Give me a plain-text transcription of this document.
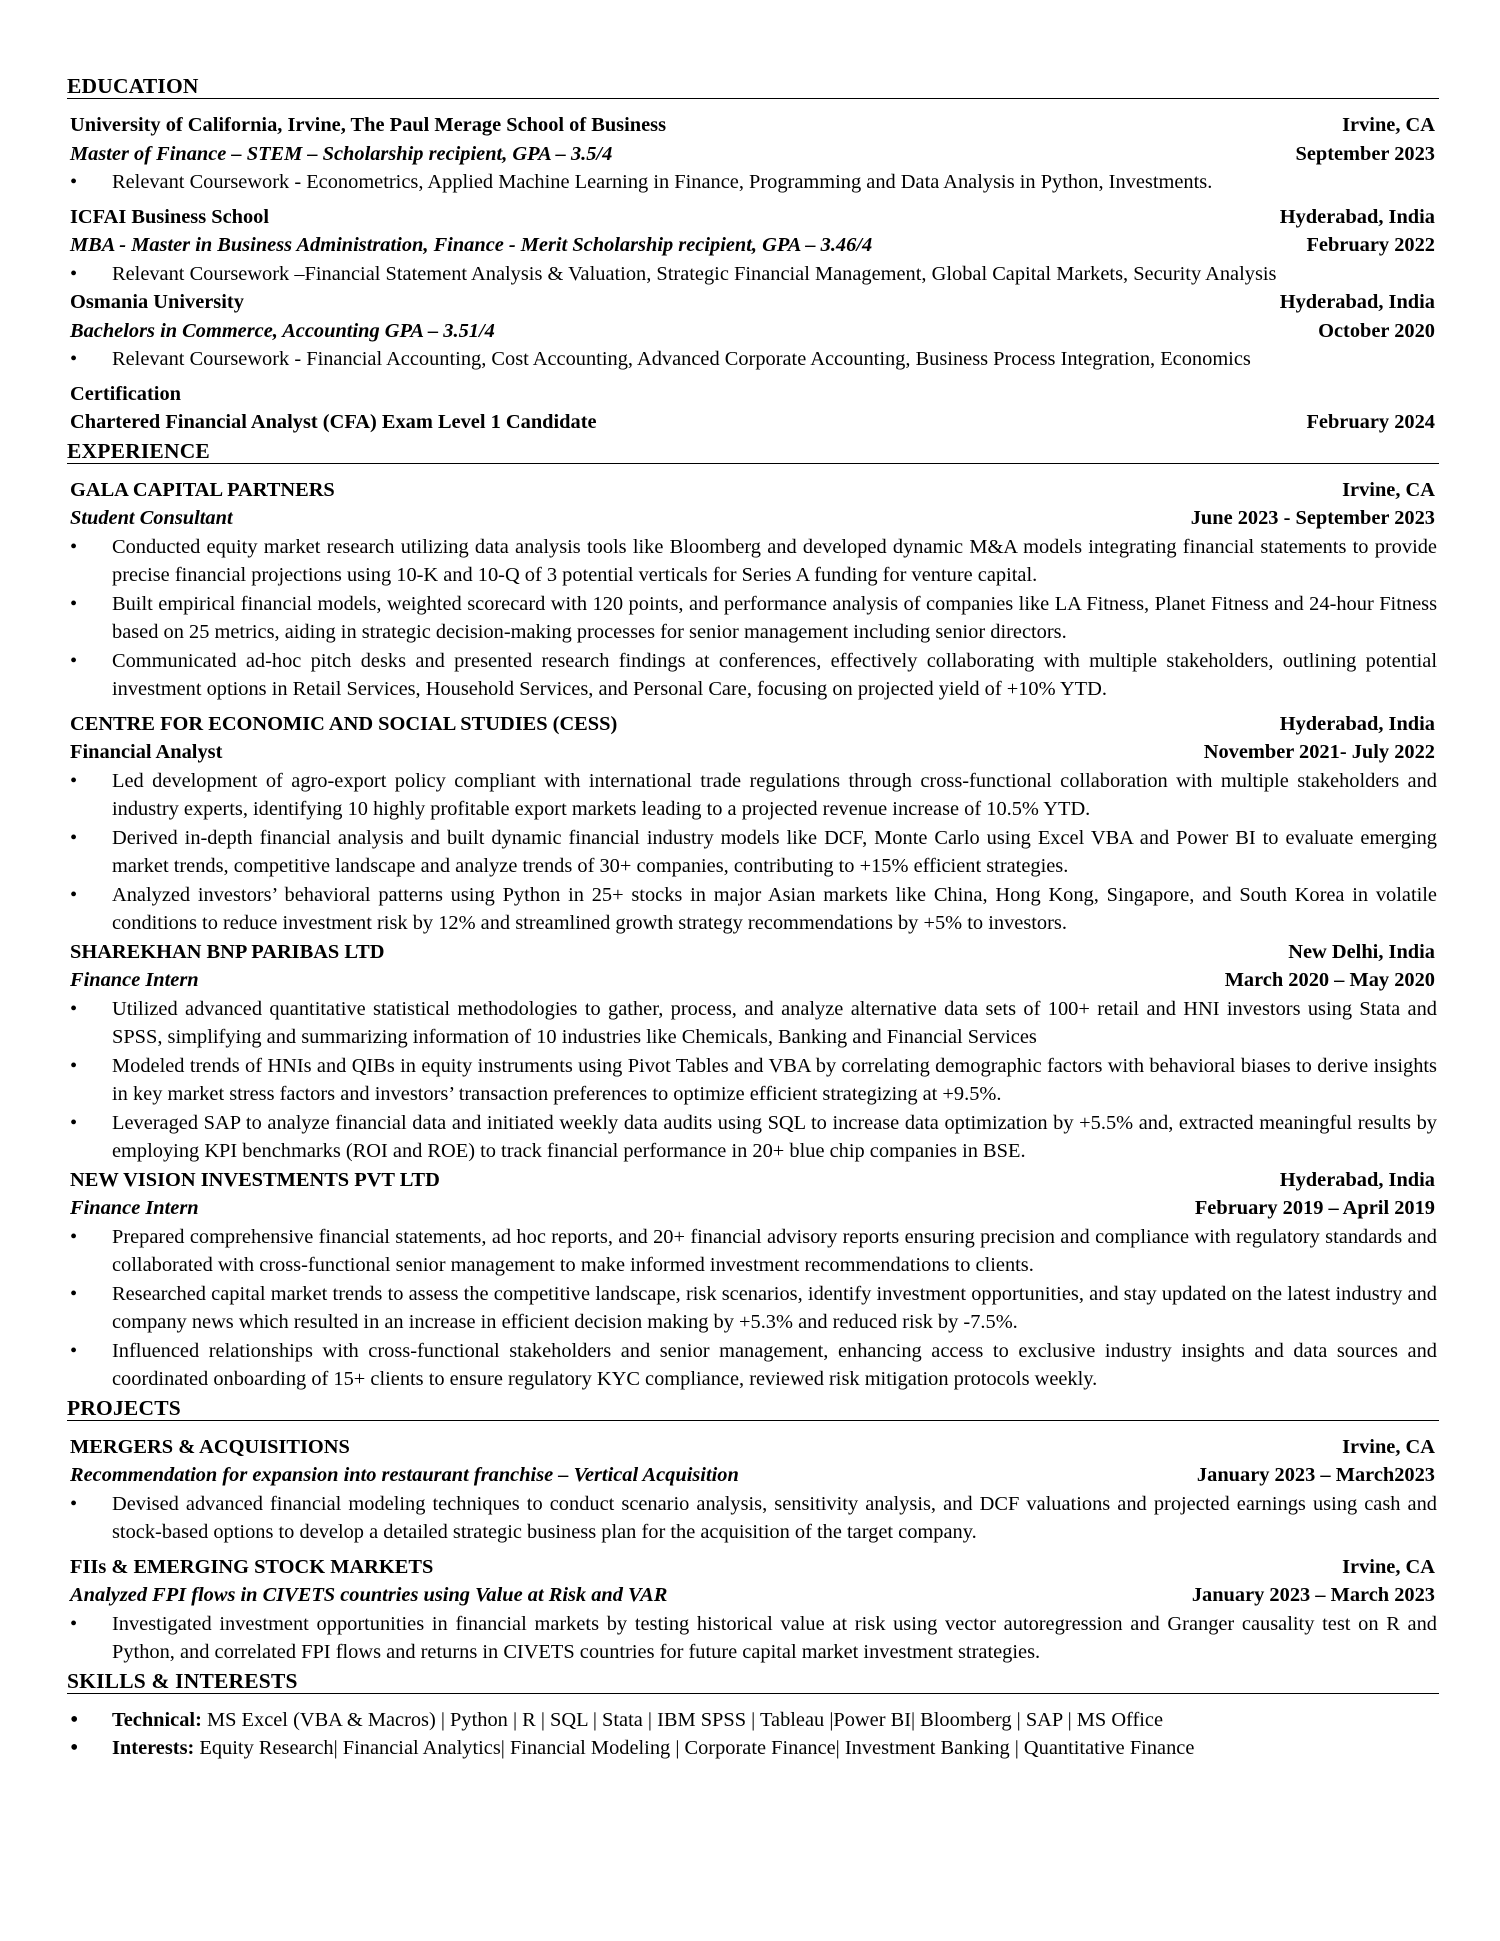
EDUCATION
University of California, Irvine, The Paul Merage School of Business	Irvine, CA
Master of Finance – STEM – Scholarship recipient, GPA – 3.5/4	September 2023
• Relevant Coursework - Econometrics, Applied Machine Learning in Finance, Programming and Data Analysis in Python, Investments.
ICFAI Business School	Hyderabad, India
MBA - Master in Business Administration, Finance - Merit Scholarship recipient, GPA – 3.46/4	February 2022
• Relevant Coursework –Financial Statement Analysis & Valuation, Strategic Financial Management, Global Capital Markets, Security Analysis
Osmania University	Hyderabad, India
Bachelors in Commerce, Accounting GPA – 3.51/4	October 2020
• Relevant Coursework - Financial Accounting, Cost Accounting, Advanced Corporate Accounting, Business Process Integration, Economics
Certification
Chartered Financial Analyst (CFA) Exam Level 1 Candidate	February 2024
EXPERIENCE
GALA CAPITAL PARTNERS	Irvine, CA
Student Consultant	June 2023 - September 2023
• Conducted equity market research utilizing data analysis tools like Bloomberg and developed dynamic M&A models integrating financial statements to provide precise financial projections using 10-K and 10-Q of 3 potential verticals for Series A funding for venture capital.
• Built empirical financial models, weighted scorecard with 120 points, and performance analysis of companies like LA Fitness, Planet Fitness and 24-hour Fitness based on 25 metrics, aiding in strategic decision-making processes for senior management including senior directors.
• Communicated ad-hoc pitch desks and presented research findings at conferences, effectively collaborating with multiple stakeholders, outlining potential investment options in Retail Services, Household Services, and Personal Care, focusing on projected yield of +10% YTD.
CENTRE FOR ECONOMIC AND SOCIAL STUDIES (CESS)	Hyderabad, India
Financial Analyst	November 2021- July 2022
• Led development of agro-export policy compliant with international trade regulations through cross-functional collaboration with multiple stakeholders and industry experts, identifying 10 highly profitable export markets leading to a projected revenue increase of 10.5% YTD.
• Derived in-depth financial analysis and built dynamic financial industry models like DCF, Monte Carlo using Excel VBA and Power BI to evaluate emerging market trends, competitive landscape and analyze trends of 30+ companies, contributing to +15% efficient strategies.
• Analyzed investors’ behavioral patterns using Python in 25+ stocks in major Asian markets like China, Hong Kong, Singapore, and South Korea in volatile conditions to reduce investment risk by 12% and streamlined growth strategy recommendations by +5% to investors.
SHAREKHAN BNP PARIBAS LTD	New Delhi, India
Finance Intern	March 2020 – May 2020
• Utilized advanced quantitative statistical methodologies to gather, process, and analyze alternative data sets of 100+ retail and HNI investors using Stata and SPSS, simplifying and summarizing information of 10 industries like Chemicals, Banking and Financial Services
• Modeled trends of HNIs and QIBs in equity instruments using Pivot Tables and VBA by correlating demographic factors with behavioral biases to derive insights in key market stress factors and investors’ transaction preferences to optimize efficient strategizing at +9.5%.
• Leveraged SAP to analyze financial data and initiated weekly data audits using SQL to increase data optimization by +5.5% and, extracted meaningful results by employing KPI benchmarks (ROI and ROE) to track financial performance in 20+ blue chip companies in BSE.
NEW VISION INVESTMENTS PVT LTD	Hyderabad, India
Finance Intern	February 2019 – April 2019
• Prepared comprehensive financial statements, ad hoc reports, and 20+ financial advisory reports ensuring precision and compliance with regulatory standards and collaborated with cross-functional senior management to make informed investment recommendations to clients.
• Researched capital market trends to assess the competitive landscape, risk scenarios, identify investment opportunities, and stay updated on the latest industry and company news which resulted in an increase in efficient decision making by +5.3% and reduced risk by -7.5%.
• Influenced relationships with cross-functional stakeholders and senior management, enhancing access to exclusive industry insights and data sources and coordinated onboarding of 15+ clients to ensure regulatory KYC compliance, reviewed risk mitigation protocols weekly.
PROJECTS
MERGERS & ACQUISITIONS	Irvine, CA
Recommendation for expansion into restaurant franchise – Vertical Acquisition	January 2023 – March2023
• Devised advanced financial modeling techniques to conduct scenario analysis, sensitivity analysis, and DCF valuations and projected earnings using cash and stock-based options to develop a detailed strategic business plan for the acquisition of the target company.
FIIs & EMERGING STOCK MARKETS	Irvine, CA
Analyzed FPI flows in CIVETS countries using Value at Risk and VAR	January 2023 – March 2023
• Investigated investment opportunities in financial markets by testing historical value at risk using vector autoregression and Granger causality test on R and Python, and correlated FPI flows and returns in CIVETS countries for future capital market investment strategies.
SKILLS & INTERESTS
• Technical: MS Excel (VBA & Macros) | Python | R | SQL | Stata | IBM SPSS | Tableau |Power BI| Bloomberg | SAP | MS Office
• Interests: Equity Research| Financial Analytics| Financial Modeling | Corporate Finance| Investment Banking | Quantitative Finance
